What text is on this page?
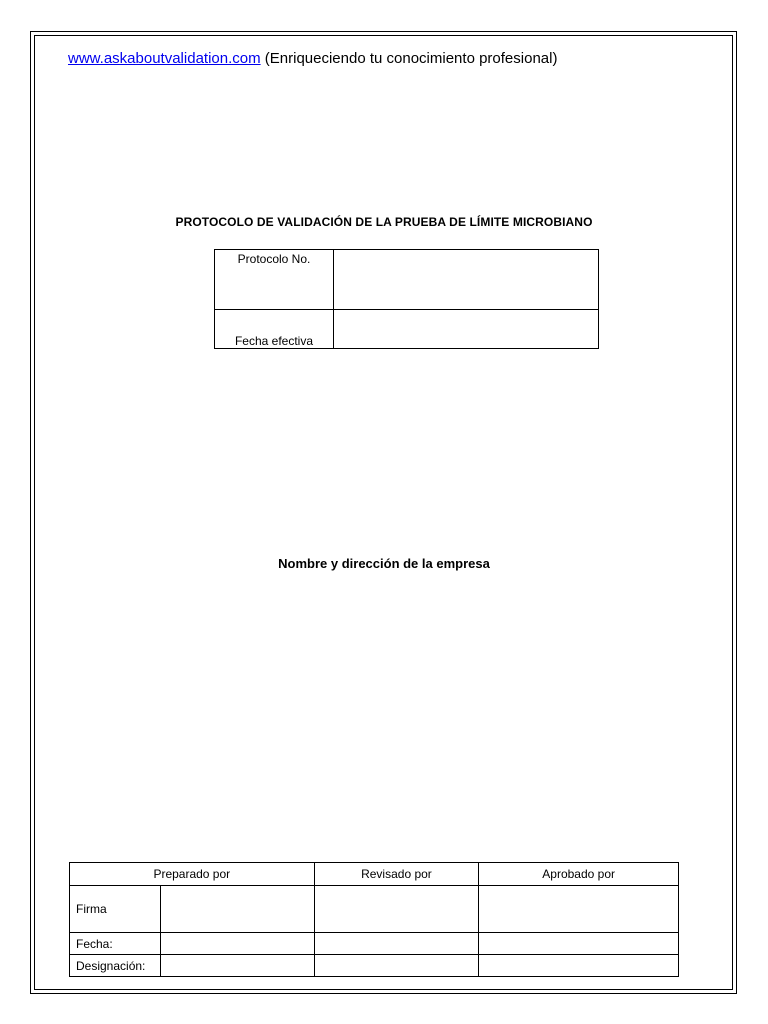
www.askaboutvalidation.com (Enriqueciendo tu conocimiento profesional)
PROTOCOLO DE VALIDACIÓN DE LA PRUEBA DE LÍMITE MICROBIANO
Protocolo No.	
Fecha efectiva	
Nombre y dirección de la empresa
Preparado por		Revisado por	Aprobado por
Firma			
Fecha:			
Designación:			
